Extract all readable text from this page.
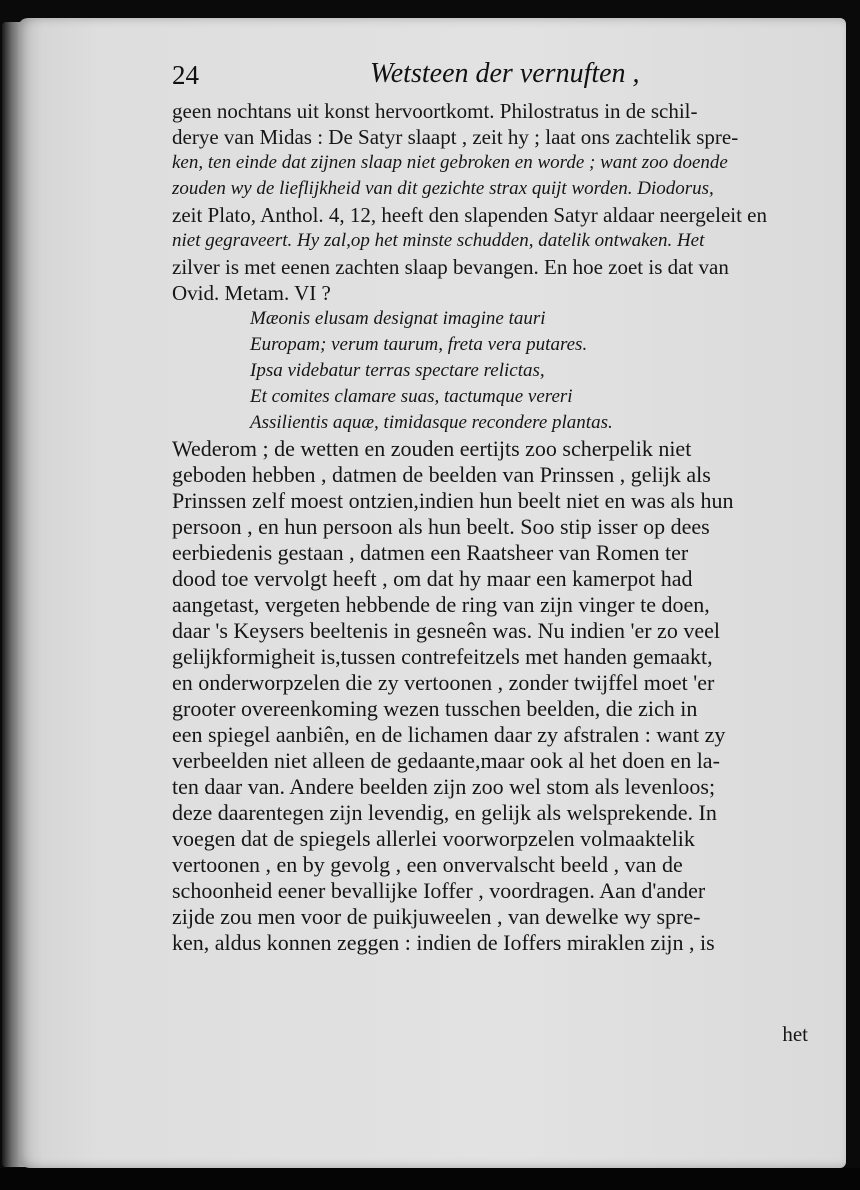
24	Wetsteen der vernuften ,
geen nochtans uit konst hervoortkomt. Philostratus in de schil-
derye van Midas : De Satyr slaapt , zeit hy ; laat ons zachtelik spre-
ken, ten einde dat zijnen slaap niet gebroken en worde ; want zoo doende
zouden wy de lieflijkheid van dit gezichte strax quijt worden. Diodorus,
zeit Plato, Anthol. 4, 12, heeft den slapenden Satyr aldaar neergeleit en
niet gegraveert. Hy zal,op het minste schudden, datelik ontwaken. Het
zilver is met eenen zachten slaap bevangen. En hoe zoet is dat van
Ovid. Metam. VI ?
Mæonis elusam designat imagine tauri
Europam; verum taurum, freta vera putares.
Ipsa videbatur terras spectare relictas,
Et comites clamare suas, tactumque vereri
Assilientis aquæ, timidasque recondere plantas.
Wederom ; de wetten en zouden eertijts zoo scherpelik niet
geboden hebben , datmen de beelden van Prinssen , gelijk als
Prinssen zelf moest ontzien,indien hun beelt niet en was als hun
persoon , en hun persoon als hun beelt. Soo stip isser op dees
eerbiedenis gestaan , datmen een Raatsheer van Romen ter
dood toe vervolgt heeft , om dat hy maar een kamerpot had
aangetast, vergeten hebbende de ring van zijn vinger te doen,
daar 's Keysers beeltenis in gesneên was. Nu indien 'er zo veel
gelijkformigheit is,tussen contrefeitzels met handen gemaakt,
en onderworpzelen die zy vertoonen , zonder twijffel moet 'er
grooter overeenkoming wezen tusschen beelden, die zich in
een spiegel aanbiên, en de lichamen daar zy afstralen : want zy
verbeelden niet alleen de gedaante,maar ook al het doen en la-
ten daar van. Andere beelden zijn zoo wel stom als levenloos;
deze daarentegen zijn levendig, en gelijk als welsprekende. In
voegen dat de spiegels allerlei voorworpzelen volmaaktelik
vertoonen , en by gevolg , een onvervalscht beeld , van de
schoonheid eener bevallijke Ioffer , voordragen. Aan d'ander
zijde zou men voor de puikjuweelen , van dewelke wy spre-
ken, aldus konnen zeggen : indien de Ioffers miraklen zijn , is
het
